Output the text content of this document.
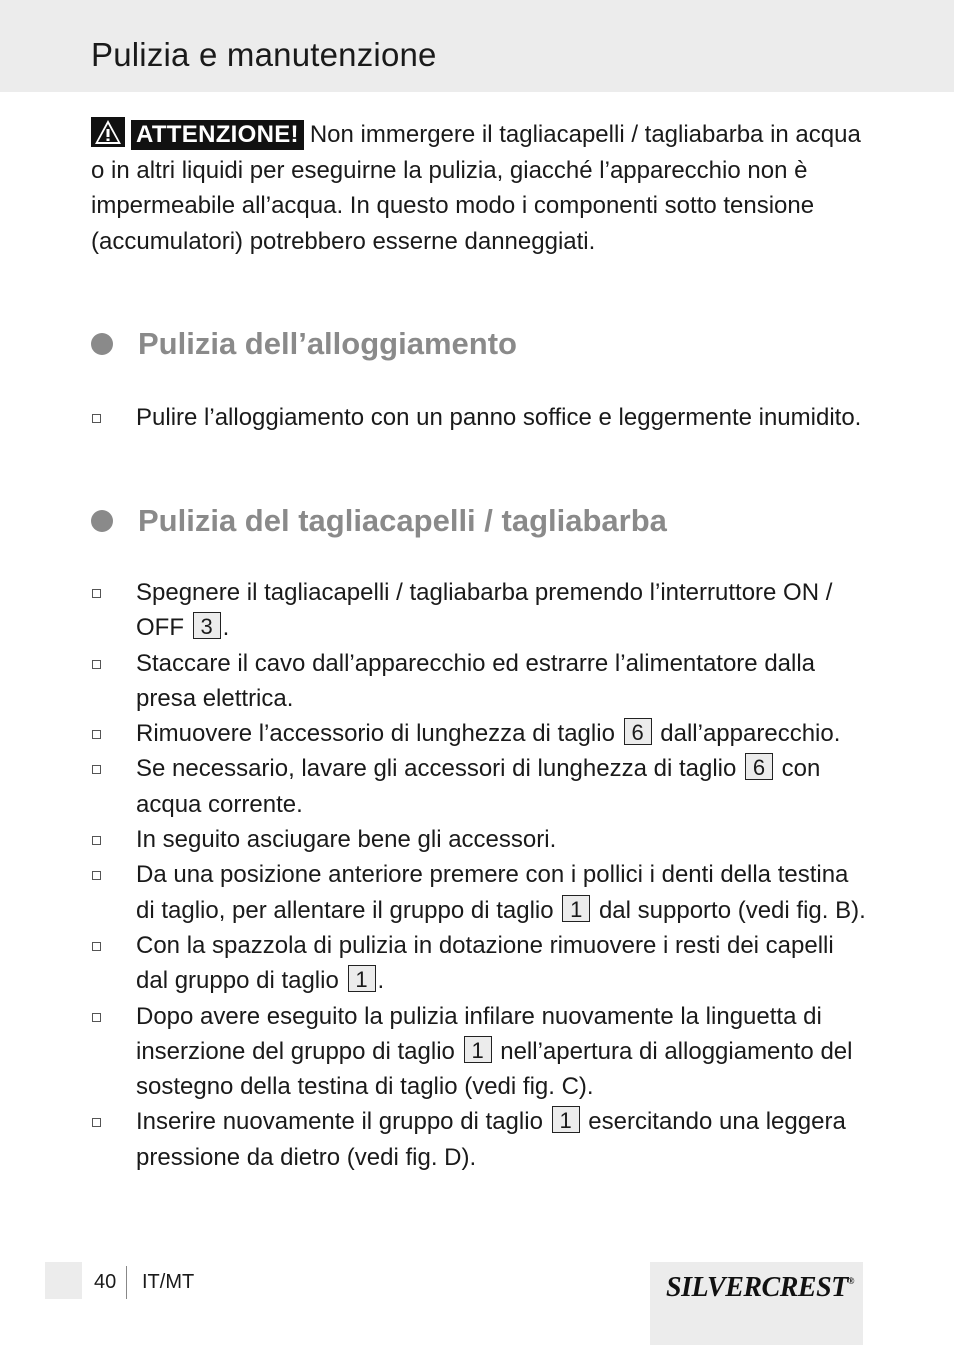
Pulizia e manutenzione

ATTENZIONE! Non immergere il tagliacapelli / tagliabarba in acqua o in altri liquidi per eseguirne la pulizia, giacché l’apparecchio non è impermeabile all’acqua. In questo modo i componenti sotto tensione (accumulatori) potrebbero esserne danneggiati.

Pulizia dell’alloggiamento
Pulire l’alloggiamento con un panno soffice e leggermente inumidito.
Pulizia del tagliacapelli / tagliabarba
Spegnere il tagliacapelli / tagliabarba premendo l’interruttore ON / OFF 3 .
Staccare il cavo dall’apparecchio ed estrarre l’alimentatore dalla presa elettrica.
Rimuovere l’accessorio di lunghezza di taglio 6 dall’apparecchio.
Se necessario, lavare gli accessori di lunghezza di taglio 6 con acqua corrente.
In seguito asciugare bene gli accessori.
Da una posizione anteriore premere con i pollici i denti della testina di taglio, per allentare il gruppo di taglio 1 dal supporto (vedi fig. B).
Con la spazzola di pulizia in dotazione rimuovere i resti dei capelli dal gruppo di taglio 1 .
Dopo avere eseguito la pulizia infilare nuovamente la linguetta di inserzione del gruppo di taglio 1 nell’apertura di alloggiamento del sostegno della testina di taglio (vedi fig. C).
Inserire nuovamente il gruppo di taglio 1 esercitando una leggera pressione da dietro (vedi fig. D).
40 IT/MT	SILVERCREST®
